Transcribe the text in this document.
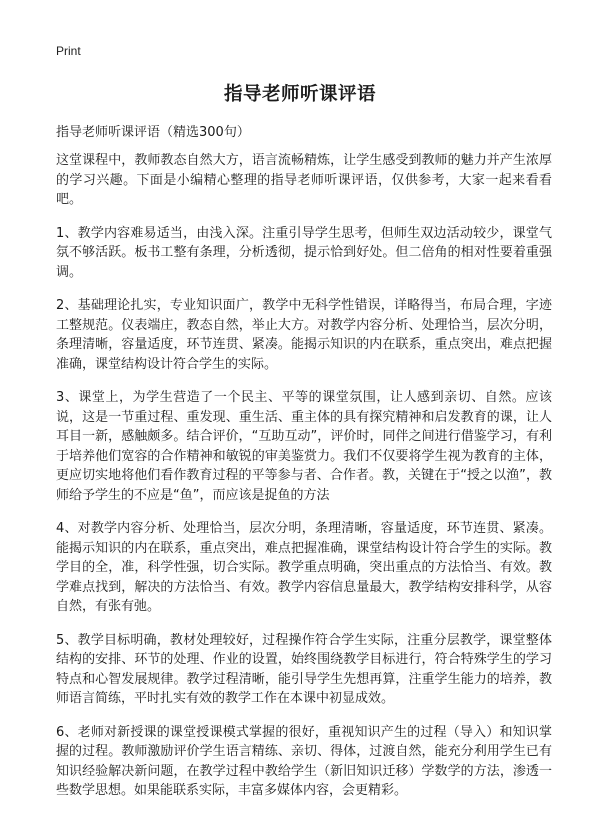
Print
指导老师听课评语
指导老师听课评语（精选300句）

这堂课程中，教师教态自然大方，语言流畅精炼，让学生感受到教师的魅力并产生浓厚的学习兴趣。下面是小编精心整理的指导老师听课评语，仅供参考，大家一起来看看吧。

1、教学内容难易适当，由浅入深。注重引导学生思考，但师生双边活动较少，课堂气氛不够活跃。板书工整有条理，分析透彻，提示恰到好处。但二倍角的相对性要着重强调。

2、基础理论扎实，专业知识面广，教学中无科学性错误，详略得当，布局合理，字迹工整规范。仪表端庄，教态自然，举止大方。对教学内容分析、处理恰当，层次分明，条理清晰，容量适度，环节连贯、紧凑。能揭示知识的内在联系，重点突出，难点把握准确，课堂结构设计符合学生的实际。

3、课堂上，为学生营造了一个民主、平等的课堂氛围，让人感到亲切、自然。应该说，这是一节重过程、重发现、重生活、重主体的具有探究精神和启发教育的课，让人耳目一新，感触颇多。结合评价，“互助互动”，评价时，同伴之间进行借鉴学习，有利于培养他们宽容的合作精神和敏锐的审美鉴赏力。我们不仅要将学生视为教育的主体，更应切实地将他们看作教育过程的平等参与者、合作者。教，关键在于“授之以渔”，教师给予学生的不应是“鱼”，而应该是捉鱼的方法

4、对教学内容分析、处理恰当，层次分明，条理清晰，容量适度，环节连贯、紧凑。能揭示知识的内在联系，重点突出，难点把握准确，课堂结构设计符合学生的实际。教学目的全，准，科学性强，切合实际。教学重点明确，突出重点的方法恰当、有效。教学难点找到，解决的方法恰当、有效。教学内容信息量最大，教学结构安排科学，从容自然，有张有弛。

5、教学目标明确，教材处理较好，过程操作符合学生实际，注重分层教学，课堂整体结构的安排、环节的处理、作业的设置，始终围绕教学目标进行，符合特殊学生的学习特点和心智发展规律。教学过程清晰，能引导学生先想再算，注重学生能力的培养，教师语言简练，平时扎实有效的教学工作在本课中初显成效。

6、老师对新授课的课堂授课模式掌握的很好，重视知识产生的过程（导入）和知识掌握的过程。教师激励评价学生语言精练、亲切、得体，过渡自然，能充分利用学生已有知识经验解决新问题，在教学过程中教给学生（新旧知识迁移）学数学的方法，渗透一些数学思想。如果能联系实际，丰富多媒体内容，会更精彩。
